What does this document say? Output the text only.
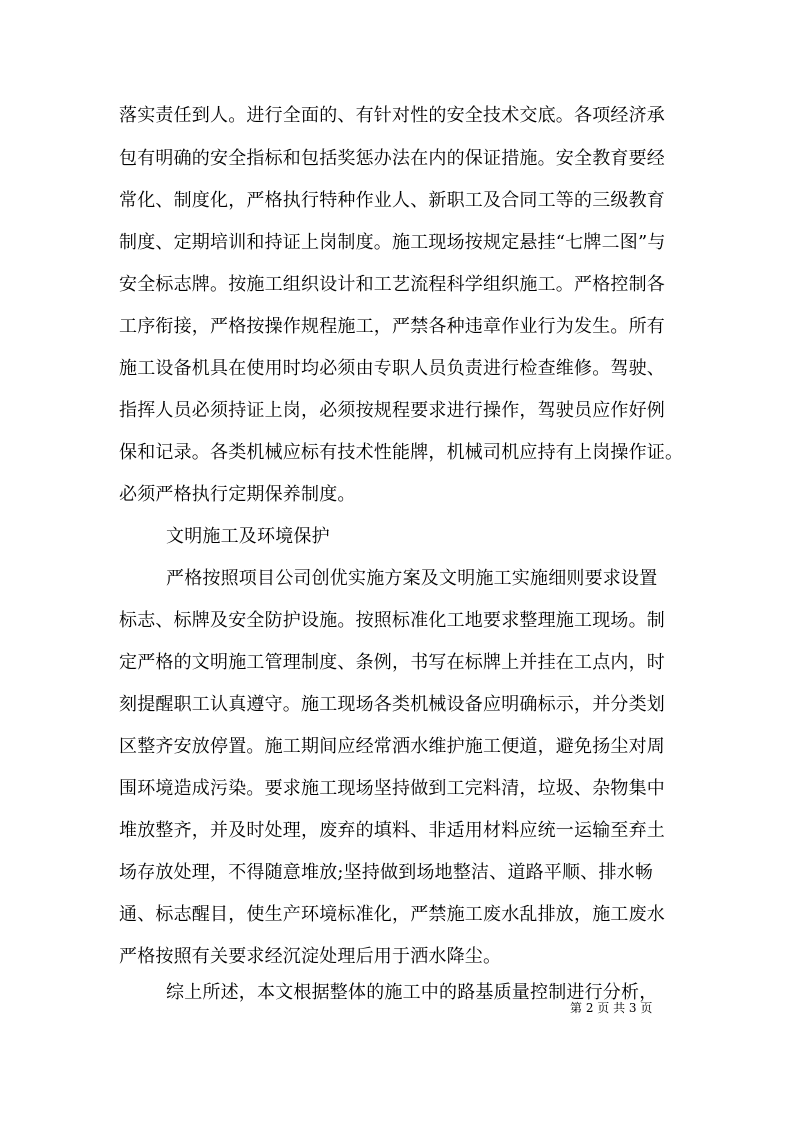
落实责任到人。进行全面的、有针对性的安全技术交底。各项经济承
包有明确的安全指标和包括奖惩办法在内的保证措施。安全教育要经
常化、制度化，严格执行特种作业人、新职工及合同工等的三级教育
制度、定期培训和持证上岗制度。施工现场按规定悬挂“七牌二图”与
安全标志牌。按施工组织设计和工艺流程科学组织施工。严格控制各
工序衔接，严格按操作规程施工，严禁各种违章作业行为发生。所有
施工设备机具在使用时均必须由专职人员负责进行检查维修。驾驶、
指挥人员必须持证上岗，必须按规程要求进行操作，驾驶员应作好例
保和记录。各类机械应标有技术性能牌，机械司机应持有上岗操作证。
必须严格执行定期保养制度。
文明施工及环境保护
严格按照项目公司创优实施方案及文明施工实施细则要求设置
标志、标牌及安全防护设施。按照标准化工地要求整理施工现场。制
定严格的文明施工管理制度、条例，书写在标牌上并挂在工点内，时
刻提醒职工认真遵守。施工现场各类机械设备应明确标示，并分类划
区整齐安放停置。施工期间应经常洒水维护施工便道，避免扬尘对周
围环境造成污染。要求施工现场坚持做到工完料清，垃圾、杂物集中
堆放整齐，并及时处理，废弃的填料、非适用材料应统一运输至弃土
场存放处理，不得随意堆放;坚持做到场地整洁、道路平顺、排水畅
通、标志醒目，使生产环境标准化，严禁施工废水乱排放，施工废水
严格按照有关要求经沉淀处理后用于洒水降尘。
综上所述，本文根据整体的施工中的路基质量控制进行分析，
第 2 页 共 3 页
